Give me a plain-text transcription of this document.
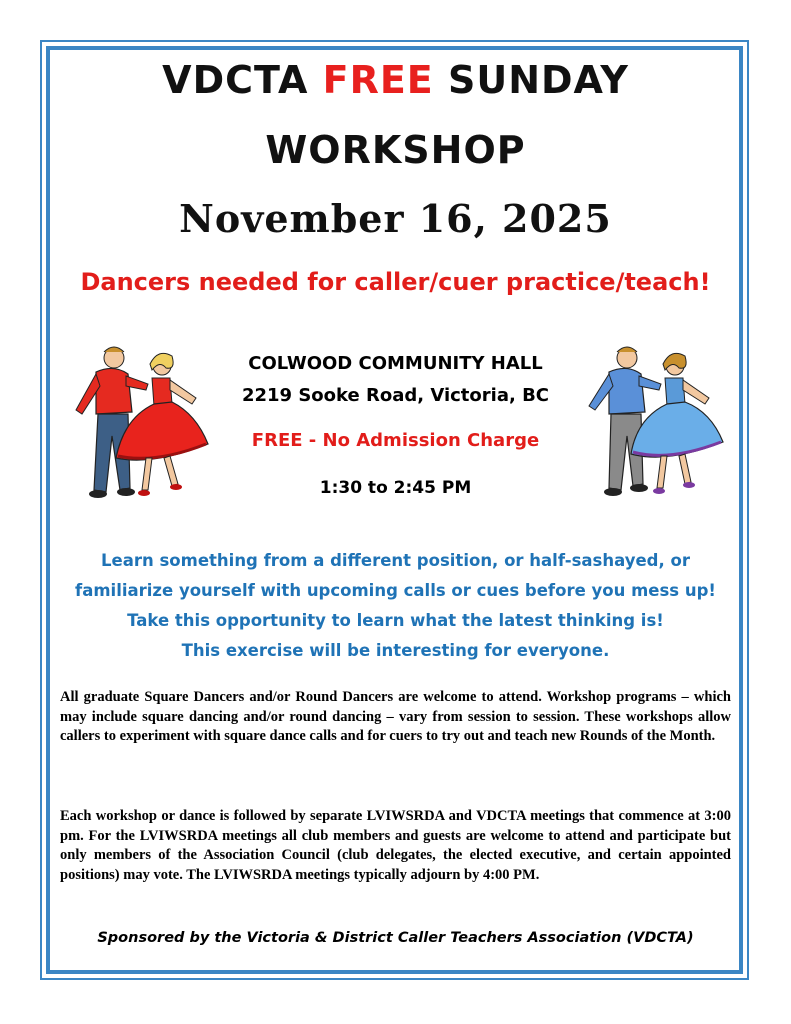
VDCTA FREE SUNDAY
WORKSHOP
November 16, 2025
Dancers needed for caller/cuer practice/teach!
COLWOOD COMMUNITY HALL
2219 Sooke Road, Victoria, BC
FREE - No Admission Charge
1:30 to 2:45 PM
Learn something from a different position, or half-sashayed, or
familiarize yourself with upcoming calls or cues before you mess up!
Take this opportunity to learn what the latest thinking is!
This exercise will be interesting for everyone.
All graduate Square Dancers and/or Round Dancers are welcome to attend. Workshop programs – which may include square dancing and/or round dancing – vary from session to session. These workshops allow callers to experiment with square dance calls and for cuers to try out and teach new Rounds of the Month.
Each workshop or dance is followed by separate LVIWSRDA and VDCTA meetings that commence at 3:00 pm. For the LVIWSRDA meetings all club members and guests are welcome to attend and participate but only members of the Association Council (club delegates, the elected executive, and certain appointed positions) may vote. The LVIWSRDA meetings typically adjourn by 4:00 PM.
Sponsored by the Victoria & District Caller Teachers Association (VDCTA)
